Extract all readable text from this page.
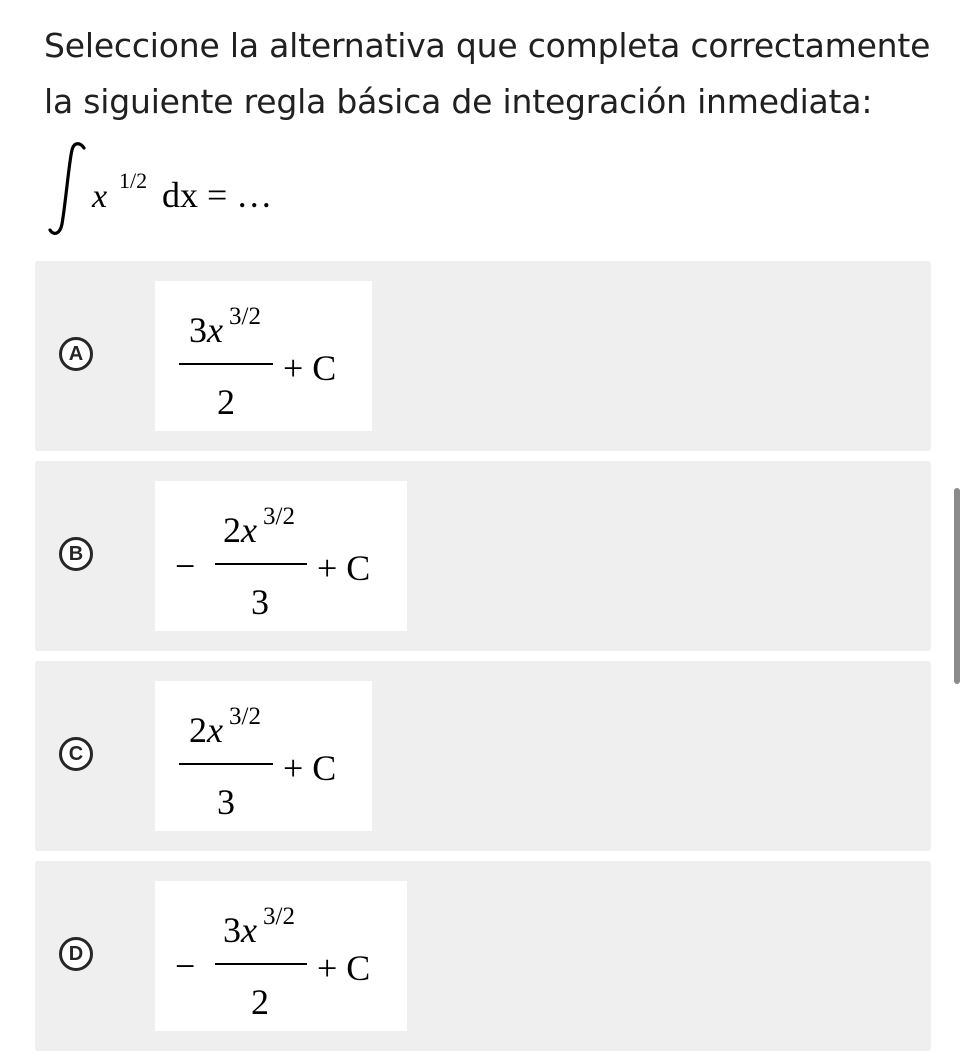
Seleccione la alternativa que completa correctamente
la siguiente regla básica de integración inmediata:

x 1/2 dx = …
A
3x 3/2
2
+ C
B	−
2x 3/2
3
+ C
C
2x 3/2
3
+ C
D	−
3x 3/2
2
+ C
